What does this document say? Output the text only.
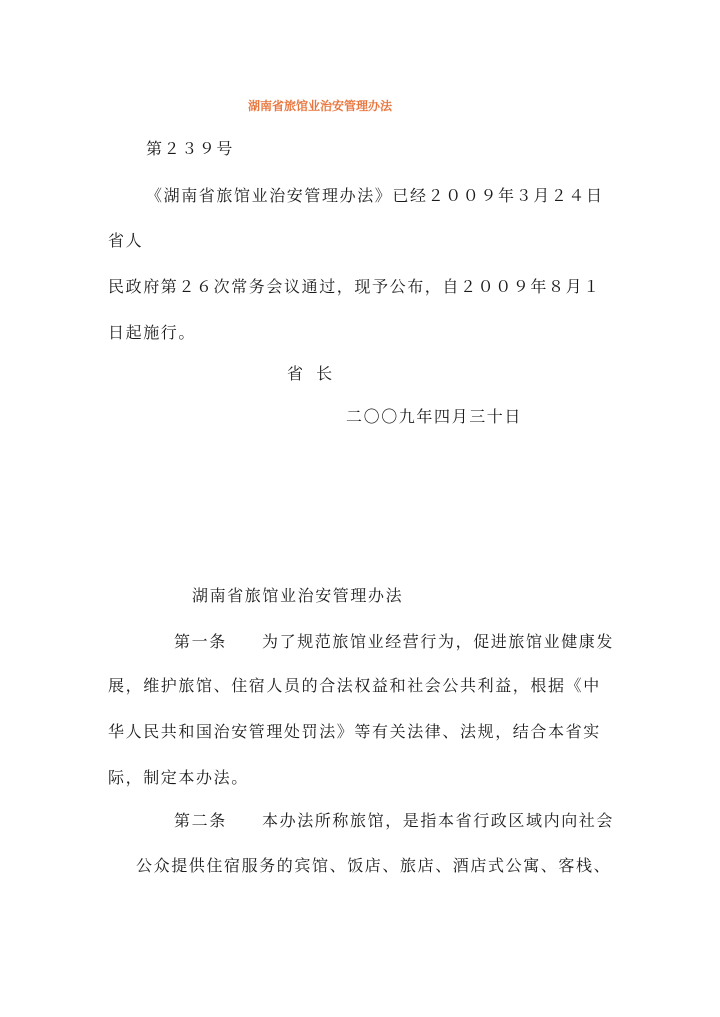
湖南省旅馆业治安管理办法
第２３９号
《湖南省旅馆业治安管理办法》已经２００９年３月２４日
省人
民政府第２６次常务会议通过，现予公布，自２００９年８月１
日起施行。
省 长
二〇〇九年四月三十日
湖南省旅馆业治安管理办法
第一条　　为了规范旅馆业经营行为，促进旅馆业健康发
展，维护旅馆、住宿人员的合法权益和社会公共利益，根据《中
华人民共和国治安管理处罚法》等有关法律、法规，结合本省实
际，制定本办法。
第二条　　本办法所称旅馆，是指本省行政区域内向社会
公众提供住宿服务的宾馆、饭店、旅店、酒店式公寓、客栈、
